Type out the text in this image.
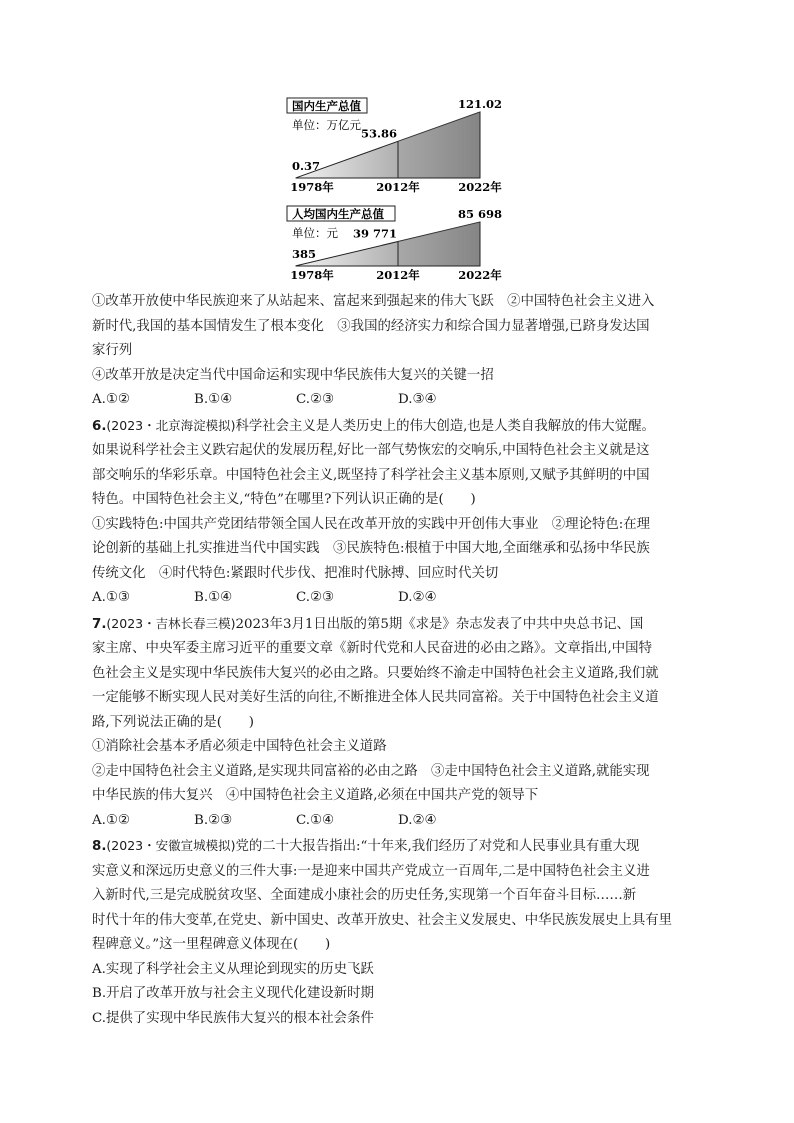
国内生产总值
单位：万亿元
0.37
53.86
121.02
1978年	2012年	2022年
人均国内生产总值
单位：元
385
39 771
85 698
1978年	2012年	2022年

①改革开放使中华民族迎来了从站起来、富起来到强起来的伟大飞跃　②中国特色社会主义进入

新时代,我国的基本国情发生了根本变化　③我国的经济实力和综合国力显著增强,已跻身发达国

家行列

④改革开放是决定当代中国命运和实现中华民族伟大复兴的关键一招

A.①②	B.①④	C.②③	D.③④

6.(2023・北京海淀模拟)科学社会主义是人类历史上的伟大创造,也是人类自我解放的伟大觉醒。

如果说科学社会主义跌宕起伏的发展历程,好比一部气势恢宏的交响乐,中国特色社会主义就是这

部交响乐的华彩乐章。中国特色社会主义,既坚持了科学社会主义基本原则,又赋予其鲜明的中国

特色。中国特色社会主义,“特色”在哪里?下列认识正确的是(　　)

①实践特色:中国共产党团结带领全国人民在改革开放的实践中开创伟大事业　②理论特色:在理

论创新的基础上扎实推进当代中国实践　③民族特色:根植于中国大地,全面继承和弘扬中华民族

传统文化　④时代特色:紧跟时代步伐、把准时代脉搏、回应时代关切

A.①③	B.①④	C.②③	D.②④

7.(2023・吉林长春三模)2023年3月1日出版的第5期《求是》杂志发表了中共中央总书记、国

家主席、中央军委主席习近平的重要文章《新时代党和人民奋进的必由之路》。文章指出,中国特

色社会主义是实现中华民族伟大复兴的必由之路。只要始终不渝走中国特色社会主义道路,我们就

一定能够不断实现人民对美好生活的向往,不断推进全体人民共同富裕。关于中国特色社会主义道

路,下列说法正确的是(　　)

①消除社会基本矛盾必须走中国特色社会主义道路

②走中国特色社会主义道路,是实现共同富裕的必由之路　③走中国特色社会主义道路,就能实现

中华民族的伟大复兴　④中国特色社会主义道路,必须在中国共产党的领导下

A.①②	B.②③	C.①④	D.②④

8.(2023・安徽宣城模拟)党的二十大报告指出:“十年来,我们经历了对党和人民事业具有重大现

实意义和深远历史意义的三件大事:一是迎来中国共产党成立一百周年,二是中国特色社会主义进

入新时代,三是完成脱贫攻坚、全面建成小康社会的历史任务,实现第一个百年奋斗目标……新

时代十年的伟大变革,在党史、新中国史、改革开放史、社会主义发展史、中华民族发展史上具有里

程碑意义。”这一里程碑意义体现在(　　)

A.实现了科学社会主义从理论到现实的历史飞跃

B.开启了改革开放与社会主义现代化建设新时期

C.提供了实现中华民族伟大复兴的根本社会条件
